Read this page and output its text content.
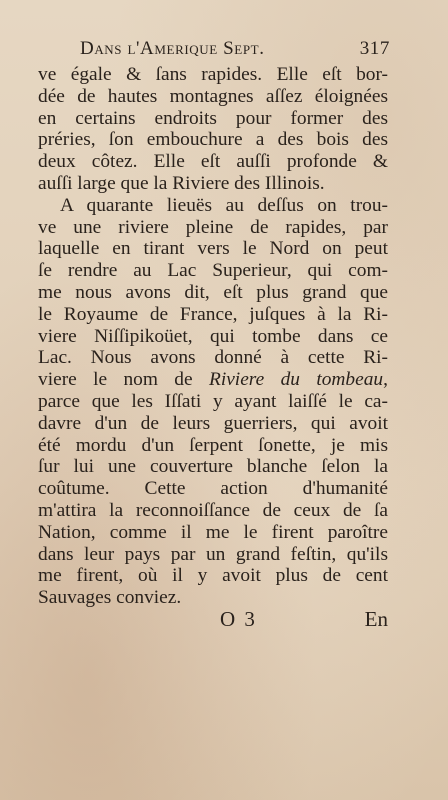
Dans l'Amerique Sept.	317
ve égale & ſans rapides. Elle eſt bor-
dée de hautes montagnes aſſez éloignées
en certains endroits pour former des
préries, ſon embouchure a des bois des
deux côtez. Elle eſt auſſi profonde &
auſſi large que la Riviere des Illinois.
A quarante lieuës au deſſus on trou-
ve une riviere pleine de rapides, par
laquelle en tirant vers le Nord on peut
ſe rendre au Lac Superieur, qui com-
me nous avons dit, eſt plus grand que
le Royaume de France, juſques à la Ri-
viere Niſſipikoüet, qui tombe dans ce
Lac. Nous avons donné à cette Ri-
viere le nom de Riviere du tombeau,
parce que les Iſſati y ayant laiſſé le ca-
davre d'un de leurs guerriers, qui avoit
été mordu d'un ſerpent ſonette, je mis
ſur lui une couverture blanche ſelon la
coûtume. Cette action d'humanité
m'attira la reconnoiſſance de ceux de ſa
Nation, comme il me le firent paroître
dans leur pays par un grand feſtin, qu'ils
me firent, où il y avoit plus de cent
Sauvages conviez.
O 3	En
